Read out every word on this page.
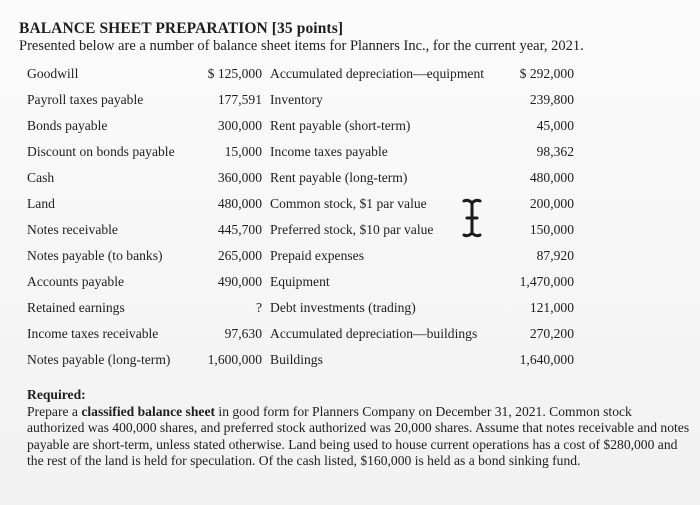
BALANCE SHEET PREPARATION [35 points]
Presented below are a number of balance sheet items for Planners Inc., for the current year, 2021.
Goodwill	$ 125,000 Accumulated depreciation—equipment	$ 292,000
Payroll taxes payable	177,591 Inventory	239,800
Bonds payable	300,000 Rent payable (short-term)	45,000
Discount on bonds payable	15,000 Income taxes payable	98,362
Cash	360,000 Rent payable (long-term)	480,000
Land	480,000 Common stock, $1 par value	200,000
Notes receivable	445,700 Preferred stock, $10 par value	150,000
Notes payable (to banks)	265,000 Prepaid expenses	87,920
Accounts payable	490,000 Equipment	1,470,000
Retained earnings	? Debt investments (trading)	121,000
Income taxes receivable	97,630 Accumulated depreciation—buildings	270,200
Notes payable (long-term)	1,600,000 Buildings	1,640,000
Required:
Prepare a classified balance sheet in good form for Planners Company on December 31, 2021. Common stock authorized was 400,000 shares, and preferred stock authorized was 20,000 shares. Assume that notes receivable and notes payable are short-term, unless stated otherwise. Land being used to house current operations has a cost of $280,000 and the rest of the land is held for speculation. Of the cash listed, $160,000 is held as a bond sinking fund.
